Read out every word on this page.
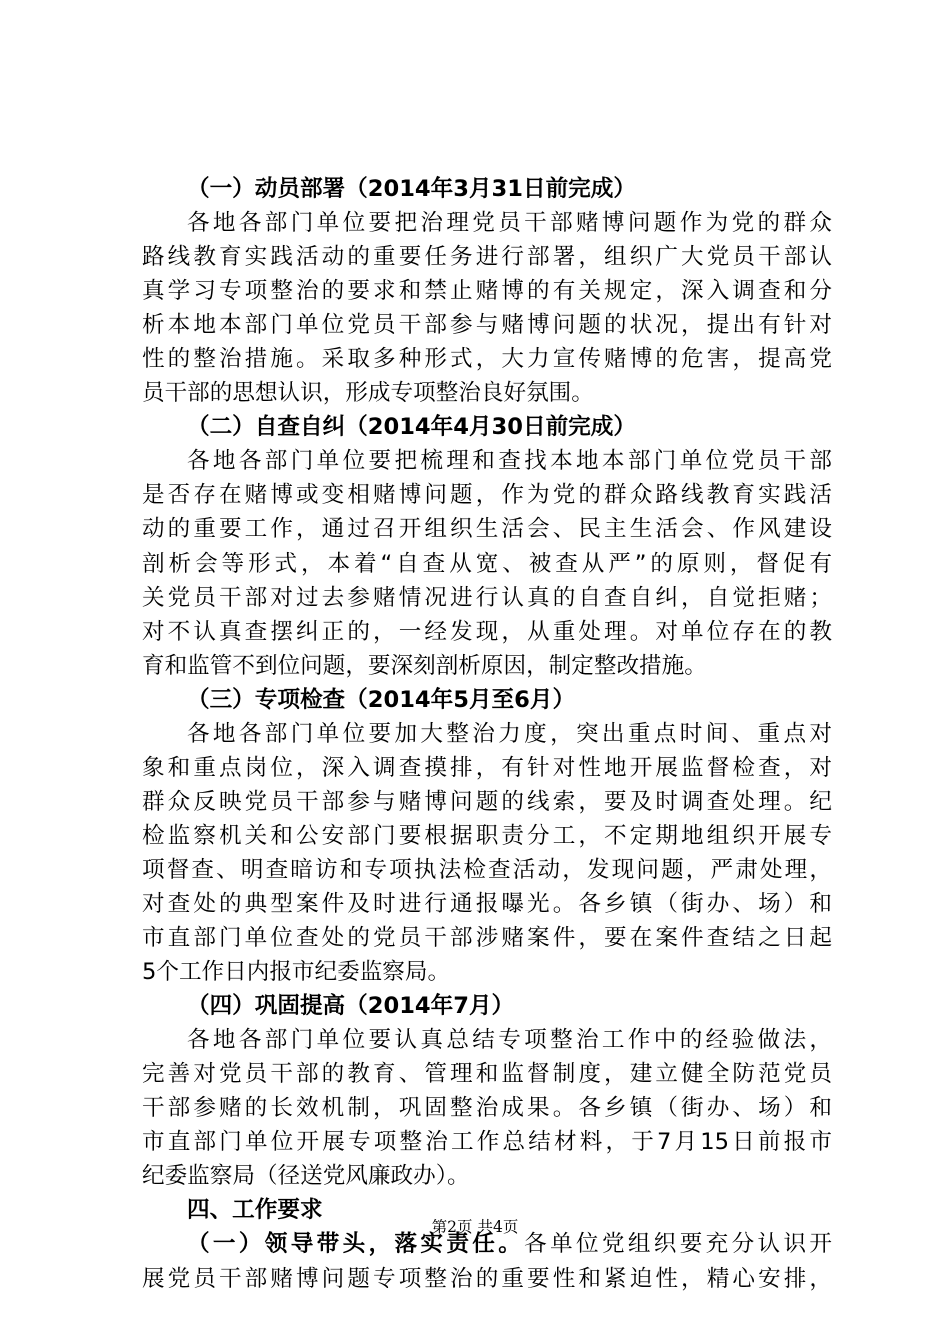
（一）动员部署（2014年3月31日前完成）
各地各部门单位要把治理党员干部赌博问题作为党的群众
路线教育实践活动的重要任务进行部署，组织广大党员干部认
真学习专项整治的要求和禁止赌博的有关规定，深入调查和分
析本地本部门单位党员干部参与赌博问题的状况，提出有针对
性的整治措施。采取多种形式，大力宣传赌博的危害，提高党
员干部的思想认识，形成专项整治良好氛围。
（二）自查自纠（2014年4月30日前完成）
各地各部门单位要把梳理和查找本地本部门单位党员干部
是否存在赌博或变相赌博问题，作为党的群众路线教育实践活
动的重要工作，通过召开组织生活会、民主生活会、作风建设
剖析会等形式，本着“自查从宽、被查从严”的原则，督促有
关党员干部对过去参赌情况进行认真的自查自纠，自觉拒赌；
对不认真查摆纠正的，一经发现，从重处理。对单位存在的教
育和监管不到位问题，要深刻剖析原因，制定整改措施。
（三）专项检查（2014年5月至6月）
各地各部门单位要加大整治力度，突出重点时间、重点对
象和重点岗位，深入调查摸排，有针对性地开展监督检查，对
群众反映党员干部参与赌博问题的线索，要及时调查处理。纪
检监察机关和公安部门要根据职责分工，不定期地组织开展专
项督查、明查暗访和专项执法检查活动，发现问题，严肃处理，
对查处的典型案件及时进行通报曝光。各乡镇（街办、场）和
市直部门单位查处的党员干部涉赌案件，要在案件查结之日起
5个工作日内报市纪委监察局。
（四）巩固提高（2014年7月）
各地各部门单位要认真总结专项整治工作中的经验做法，
完善对党员干部的教育、管理和监督制度，建立健全防范党员
干部参赌的长效机制，巩固整治成果。各乡镇（街办、场）和
市直部门单位开展专项整治工作总结材料，于7月15日前报市
纪委监察局（径送党风廉政办）。
四、工作要求
（一）领导带头，落实责任。各单位党组织要充分认识开
展党员干部赌博问题专项整治的重要性和紧迫性，精心安排，
第2页 共4页
